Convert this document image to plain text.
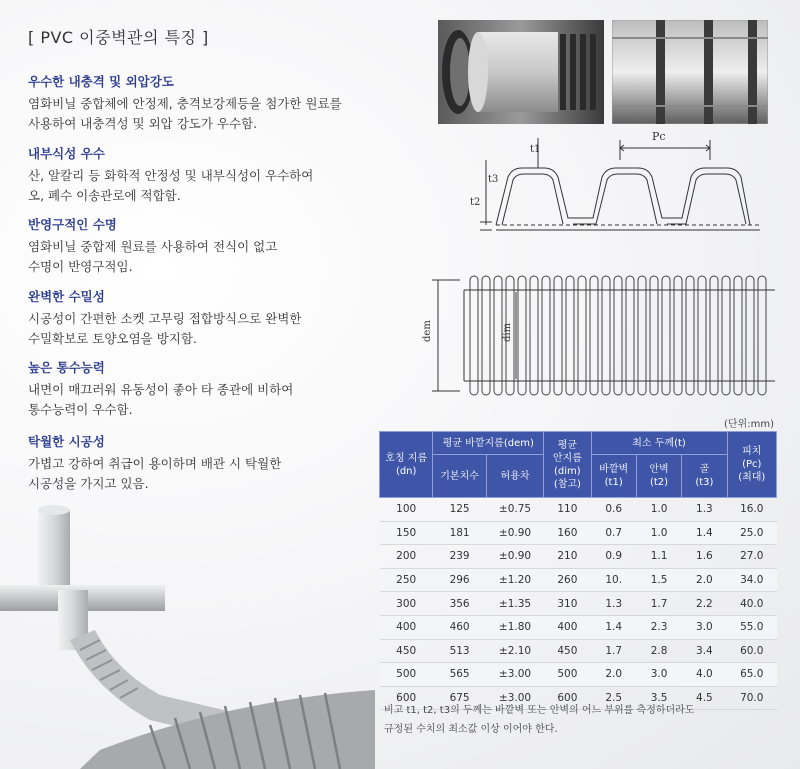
[ PVC 이중벽관의 특징 ]
우수한 내충격 및 외압강도

염화비닐 중합체에 안정제, 충격보강제등을 첨가한 원료를
사용하여 내충격성 및 외압 강도가 우수함.

내부식성 우수

산, 알칼리 등 화학적 안정성 및 내부식성이 우수하여
오, 폐수 이송관로에 적합함.

반영구적인 수명

염화비닐 중합제 원료를 사용하여 전식이 없고
수명이 반영구적임.

완벽한 수밀성

시공성이 간편한 소켓 고무링 접합방식으로 완벽한
수밀확보로 토양오염을 방지함.

높은 통수능력

내면이 매끄러워 유동성이 좋아 타 종관에 비하여
통수능력이 우수함.

탁월한 시공성

가볍고 강하여 취급이 용이하며 배관 시 탁월한
시공성을 가지고 있음.

Pc
t1
t2
t3
dem	dim
(단위:mm)
호칭 지름
(dn)	평균 바깥지름(dem)		평균
안지름
(dim)
(참고)	최소 두께(t)			피치
(Pc)
(최대)
	기본치수	허용차		바깥벽
(t1)	안벽
(t2)	골
(t3)	
100	125	±0.75	110	0.6	1.0	1.3	16.0
150	181	±0.90	160	0.7	1.0	1.4	25.0
200	239	±0.90	210	0.9	1.1	1.6	27.0
250	296	±1.20	260	10.	1.5	2.0	34.0
300	356	±1.35	310	1.3	1.7	2.2	40.0
400	460	±1.80	400	1.4	2.3	3.0	55.0
450	513	±2.10	450	1.7	2.8	3.4	60.0
500	565	±3.00	500	2.0	3.0	4.0	65.0
600	675	±3.00	600	2.5	3.5	4.5	70.0
비고 t1, t2, t3의 두께는 바깥벽 또는 안벽의 어느 부위를 측정하더라도
규정된 수치의 최소값 이상 이어야 한다.
